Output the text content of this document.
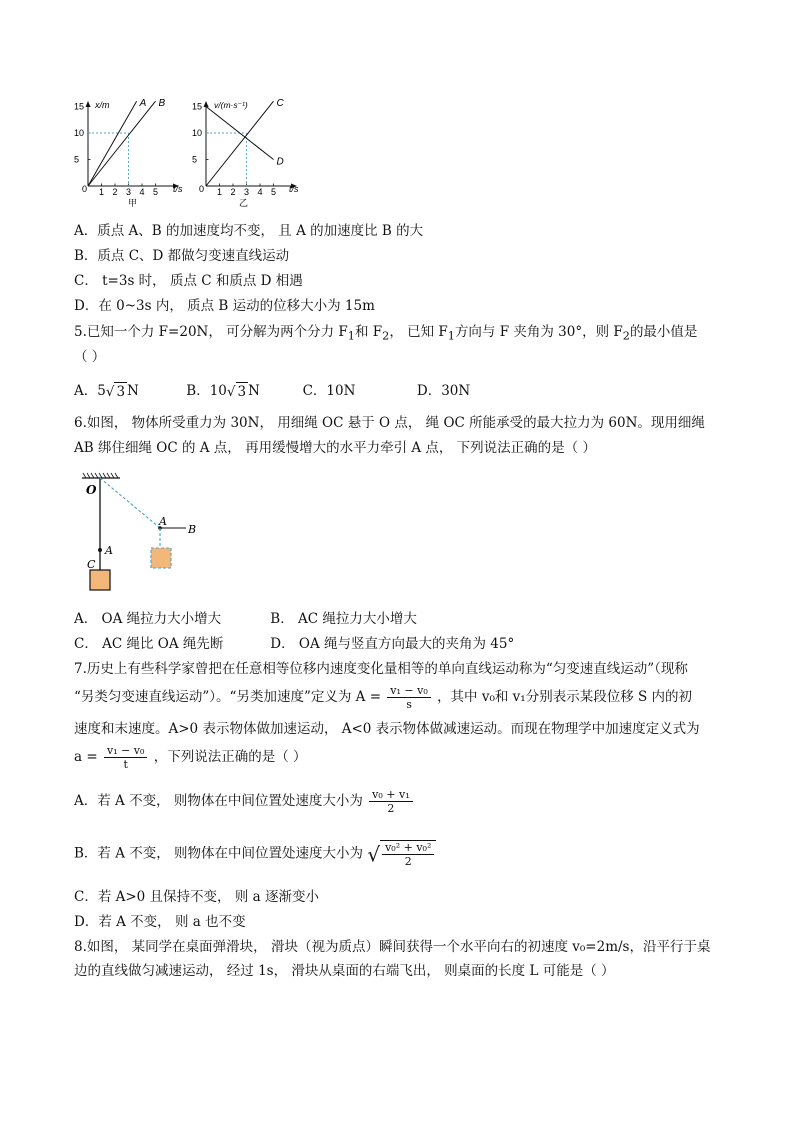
15
10
5
1 2 3 4 5
A B
x/m
t/s
0
甲
15
10
5
1 2 3 4 5
C
D
v/(m·s⁻¹)
t/s
0
乙
A．质点 A、B 的加速度均不变， 且 A 的加速度比 B 的大
B．质点 C、D 都做匀变速直线运动
C． t=3s 时， 质点 C 和质点 D 相遇
D．在 0~3s 内， 质点 B 运动的位移大小为 15m
5.已知一个力 F=20N， 可分解为两个分力 $F_1$和 $F_2$， 已知 $F_1$方向与 F 夹角为 30°，则 $F_2$的最小值是
（ ）
A．5√ 3 N	B．10√ 3 N	C．10N	D．30N
6.如图， 物体所受重力为 30N， 用细绳 OC 悬于 O 点， 绳 OC 所能承受的最大拉力为 60N。现用细绳
AB 绑住细绳 OC 的 A 点， 再用缓慢增大的水平力牵引 A 点， 下列说法正确的是（ ）
O
A
C
A
B
A． OA 绳拉力大小增大	B． AC 绳拉力大小增大
C． AC 绳比 OA 绳先断	D． OA 绳与竖直方向最大的夹角为 45°
7.历史上有些科学家曾把在任意相等位移内速度变化量相等的单向直线运动称为“匀变速直线运动”（现称
“另类匀变速直线运动”）。“另类加速度”定义为 $A = \frac{\text{v₁ − v₀}}{s}$ ，其中 v₀和 v₁分别表示某段位移 S 内的初
速度和末速度。A>0 表示物体做加速运动， A<0 表示物体做减速运动。而现在物理学中加速度定义式为
$a = \frac{\text{v₁ − v₀}}{t}$ ，下列说法正确的是（ ）
A．若 A 不变， 则物体在中间位置处速度大小为 $\frac{\text{v₀ + v₁}}{2}$
B．若 A 不变， 则物体在中间位置处速度大小为 √ $\frac{\text{v₀² + v₀²}}{2}$
C．若 A>0 且保持不变， 则 a 逐渐变小
D．若 A 不变， 则 a 也不变
8.如图， 某同学在桌面弹滑块， 滑块（视为质点）瞬间获得一个水平向右的初速度 v₀=2m/s，沿平行于桌
边的直线做匀减速运动， 经过 1s， 滑块从桌面的右端飞出， 则桌面的长度 L 可能是（ ）
